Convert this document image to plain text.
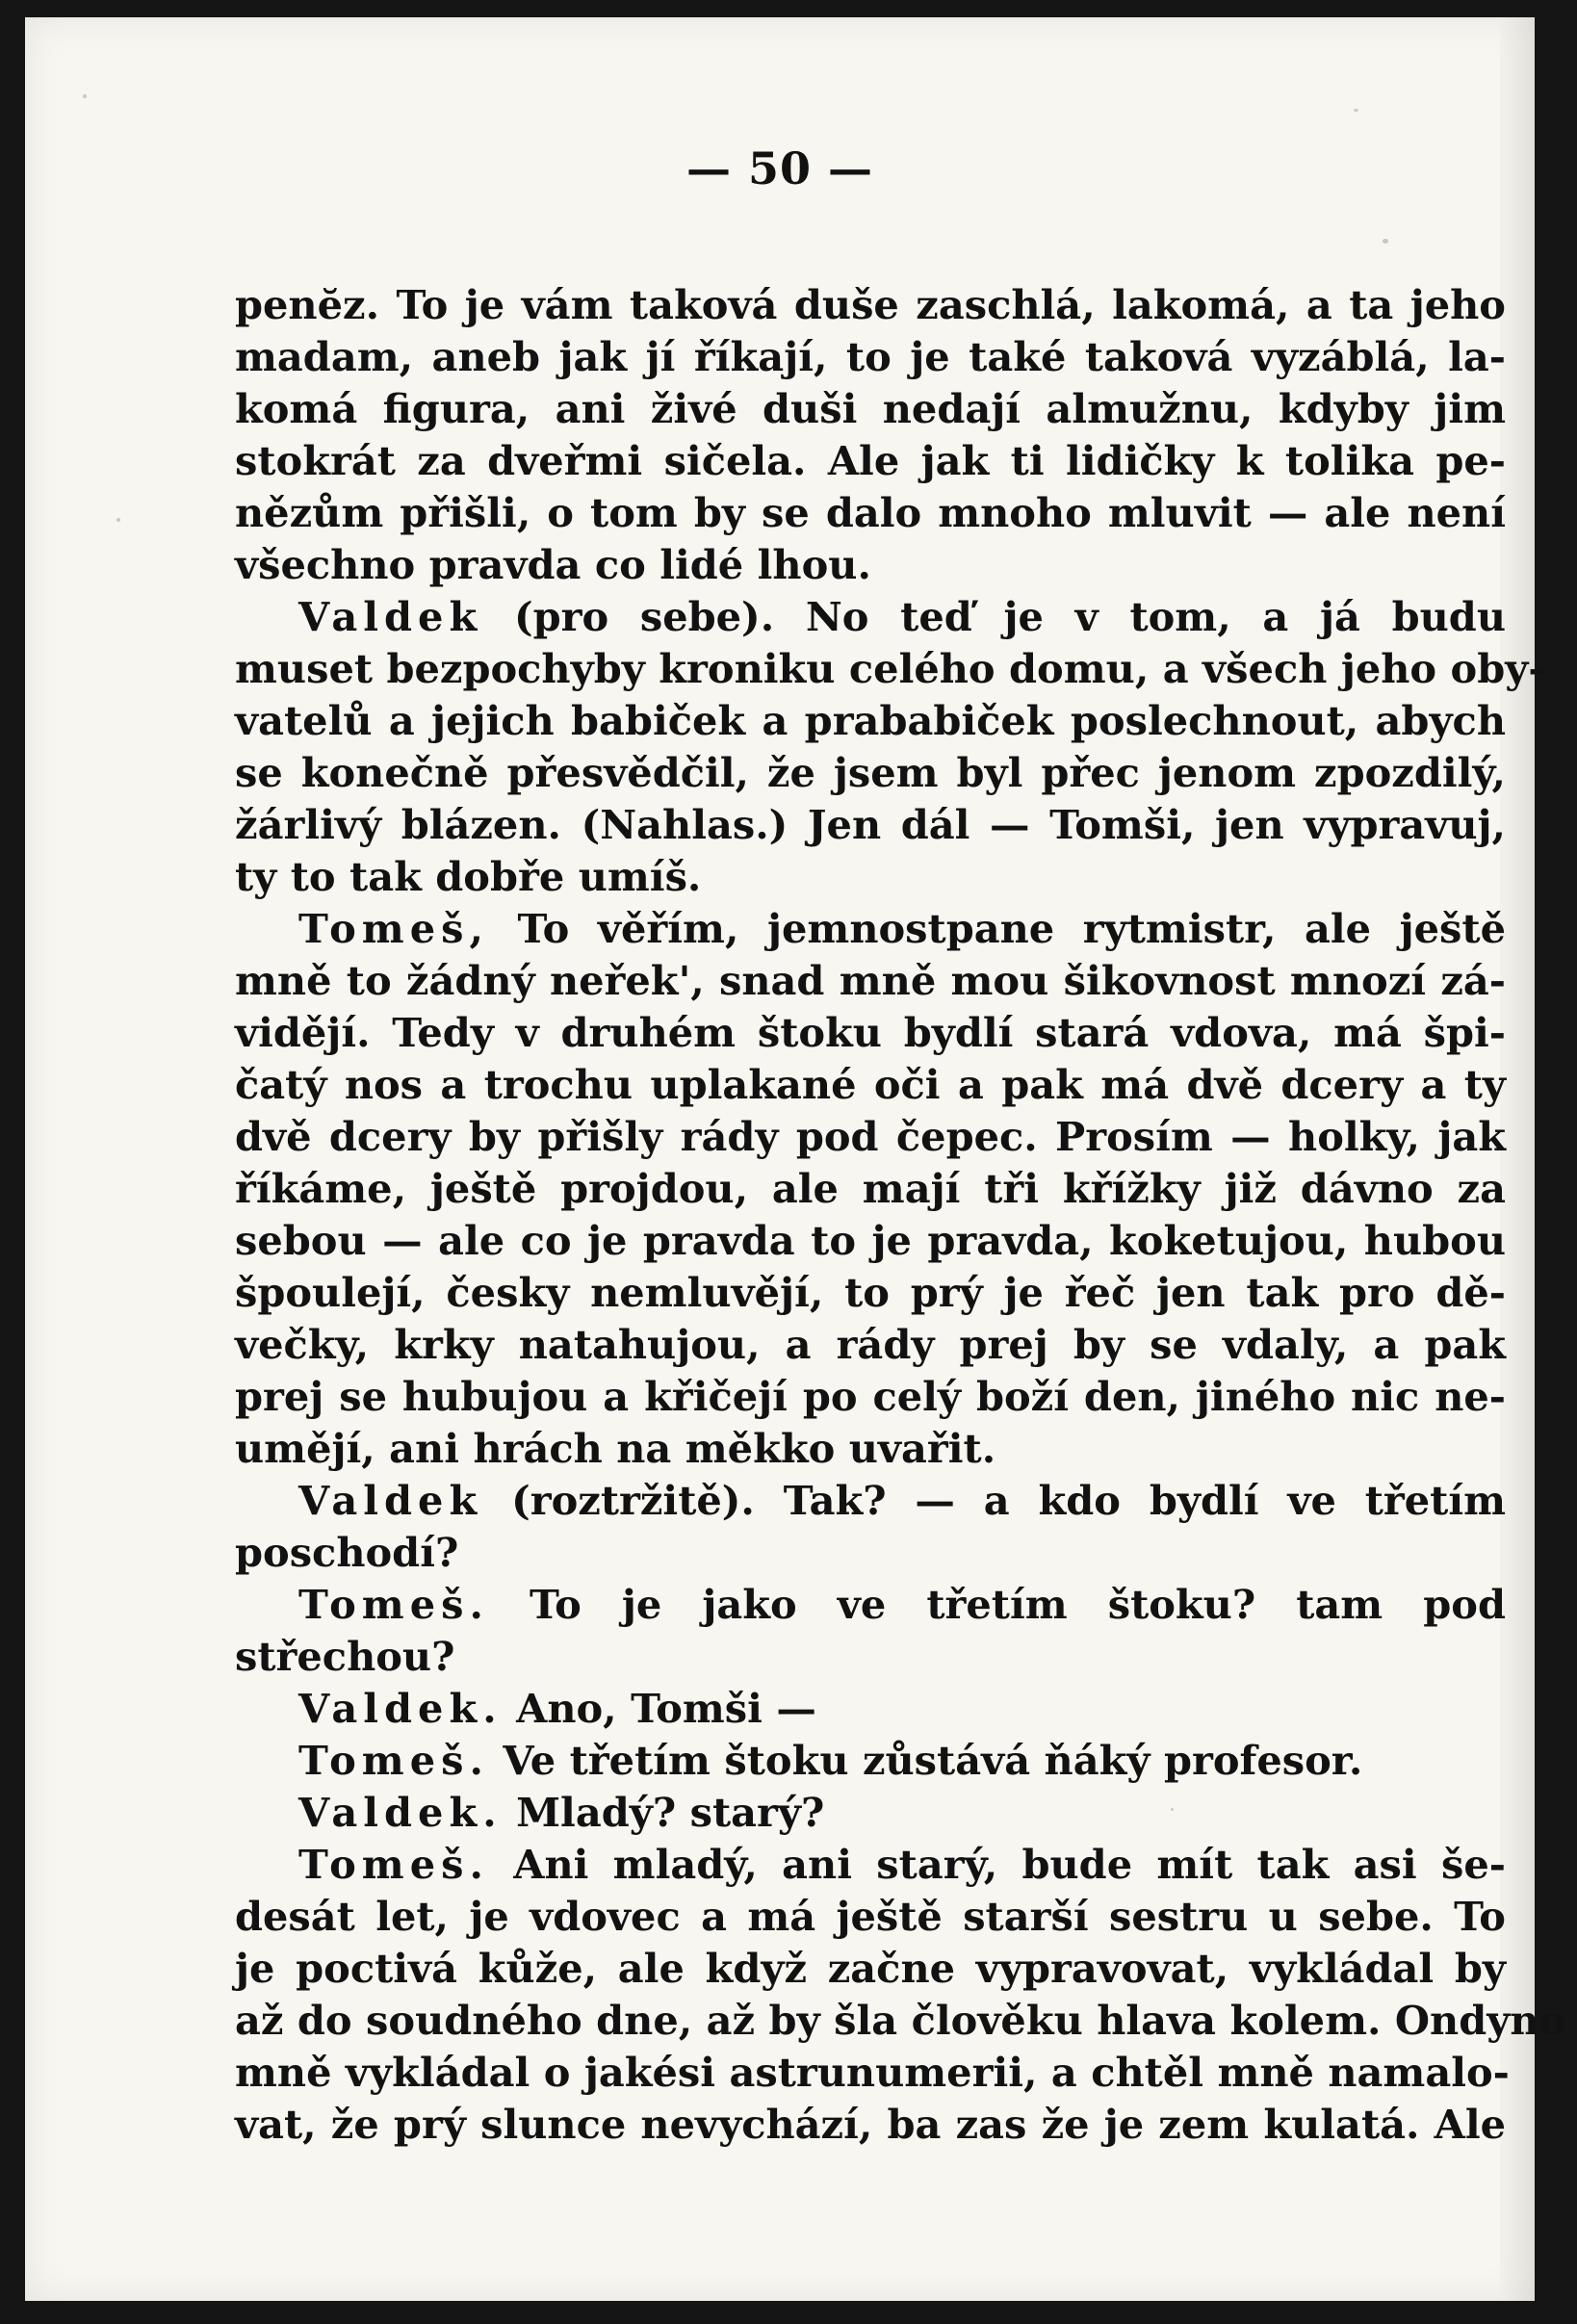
— 50 —
penĕz. To je vám taková duše zaschlá, lakomá, a ta jeho
madam, aneb jak jí říkají, to je také taková vyzáblá, la-
komá figura, ani živé duši nedají almužnu, kdyby jim
stokrát za dveřmi sičela. Ale jak ti lidičky k tolika pe-
nězům přišli, o tom by se dalo mnoho mluvit — ale není
všechno pravda co lidé lhou.
Valdek (pro sebe). No teď je v tom, a já budu
muset bezpochyby kroniku celého domu, a všech jeho oby-
vatelů a jejich babiček a prababiček poslechnout, abych
se konečně přesvědčil, že jsem byl přec jenom zpozdilý,
žárlivý blázen. (Nahlas.) Jen dál — Tomši, jen vypravuj,
ty to tak dobře umíš.
Tomeš, To věřím, jemnostpane rytmistr, ale ještě
mně to žádný neřek', snad mně mou šikovnost mnozí zá-
vidějí. Tedy v druhém štoku bydlí stará vdova, má špi-
čatý nos a trochu uplakané oči a pak má dvě dcery a ty
dvě dcery by přišly rády pod čepec. Prosím — holky, jak
říkáme, ještě projdou, ale mají tři křížky již dávno za
sebou — ale co je pravda to je pravda, koketujou, hubou
špoulejí, česky nemluvějí, to prý je řeč jen tak pro dě-
večky, krky natahujou, a rády prej by se vdaly, a pak
prej se hubujou a křičejí po celý boží den, jiného nic ne-
umějí, ani hrách na měkko uvařit.
Valdek (roztržitě). Tak? — a kdo bydlí ve třetím
poschodí?
Tomeš. To je jako ve třetím štoku? tam pod
střechou?
Valdek. Ano, Tomši —
Tomeš. Ve třetím štoku zůstává ňáký profesor.
Valdek. Mladý? starý?
Tomeš. Ani mladý, ani starý, bude mít tak asi še-
desát let, je vdovec a má ještě starší sestru u sebe. To
je poctivá kůže, ale když začne vypravovat, vykládal by
až do soudného dne, až by šla člověku hlava kolem. Ondyno
mně vykládal o jakési astrunumerii, a chtěl mně namalo-
vat, že prý slunce nevychází, ba zas že je zem kulatá. Ale
